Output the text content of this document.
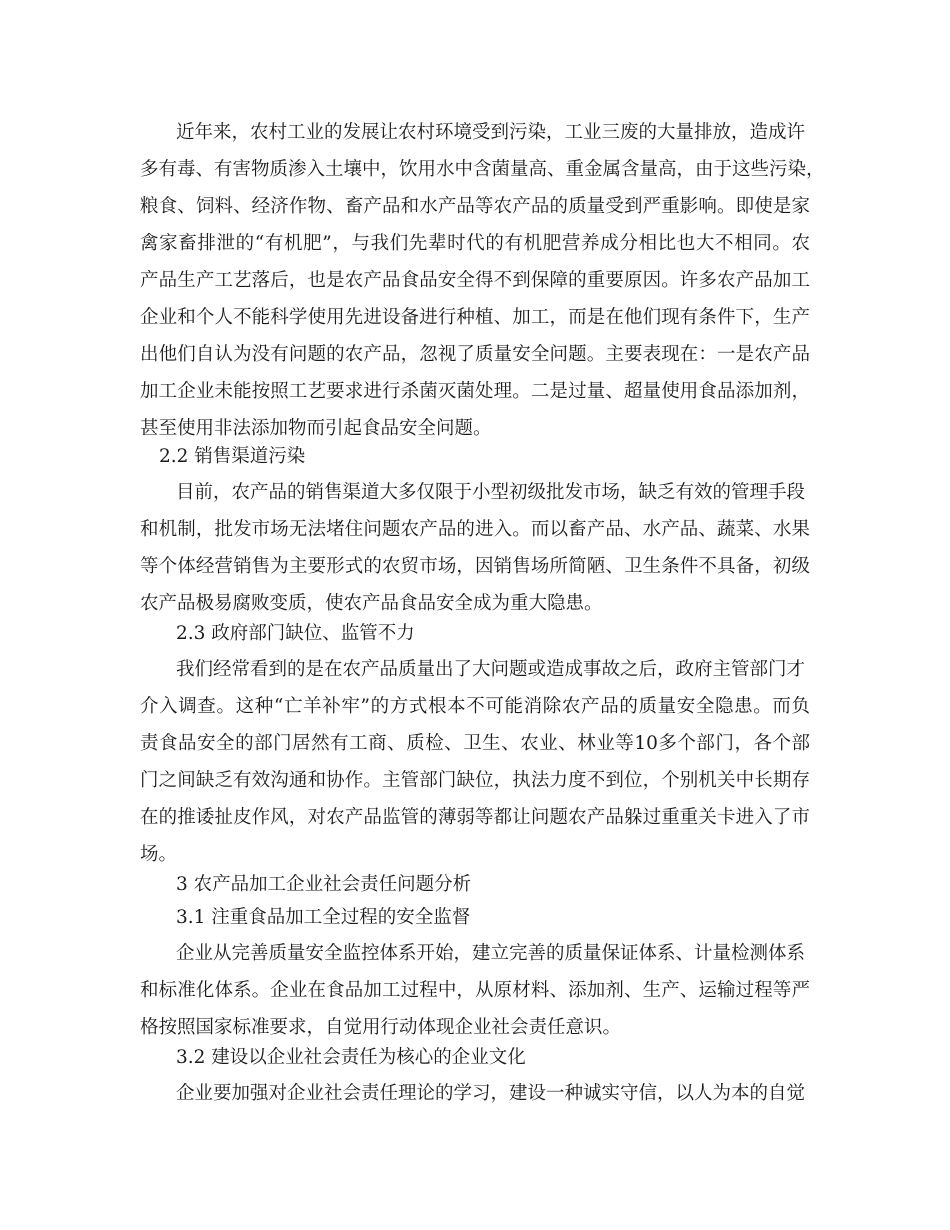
近年来，农村工业的发展让农村环境受到污染，工业三废的大量排放，造成许
多有毒、有害物质渗入土壤中，饮用水中含菌量高、重金属含量高，由于这些污染，
粮食、饲料、经济作物、畜产品和水产品等农产品的质量受到严重影响。即使是家
禽家畜排泄的“有机肥”，与我们先辈时代的有机肥营养成分相比也大不相同。农
产品生产工艺落后，也是农产品食品安全得不到保障的重要原因。许多农产品加工
企业和个人不能科学使用先进设备进行种植、加工，而是在他们现有条件下，生产
出他们自认为没有问题的农产品，忽视了质量安全问题。主要表现在：一是农产品
加工企业未能按照工艺要求进行杀菌灭菌处理。二是过量、超量使用食品添加剂，
甚至使用非法添加物而引起食品安全问题。
2.2 销售渠道污染
目前，农产品的销售渠道大多仅限于小型初级批发市场，缺乏有效的管理手段
和机制，批发市场无法堵住问题农产品的进入。而以畜产品、水产品、蔬菜、水果
等个体经营销售为主要形式的农贸市场，因销售场所简陋、卫生条件不具备，初级
农产品极易腐败变质，使农产品食品安全成为重大隐患。
2.3 政府部门缺位、监管不力
我们经常看到的是在农产品质量出了大问题或造成事故之后，政府主管部门才
介入调查。这种“亡羊补牢”的方式根本不可能消除农产品的质量安全隐患。而负
责食品安全的部门居然有工商、质检、卫生、农业、林业等10多个部门，各个部
门之间缺乏有效沟通和协作。主管部门缺位，执法力度不到位，个别机关中长期存
在的推诿扯皮作风，对农产品监管的薄弱等都让问题农产品躲过重重关卡进入了市
场。
3 农产品加工企业社会责任问题分析
3.1 注重食品加工全过程的安全监督
企业从完善质量安全监控体系开始，建立完善的质量保证体系、计量检测体系
和标准化体系。企业在食品加工过程中，从原材料、添加剂、生产、运输过程等严
格按照国家标准要求，自觉用行动体现企业社会责任意识。
3.2 建设以企业社会责任为核心的企业文化
企业要加强对企业社会责任理论的学习，建设一种诚实守信，以人为本的自觉
